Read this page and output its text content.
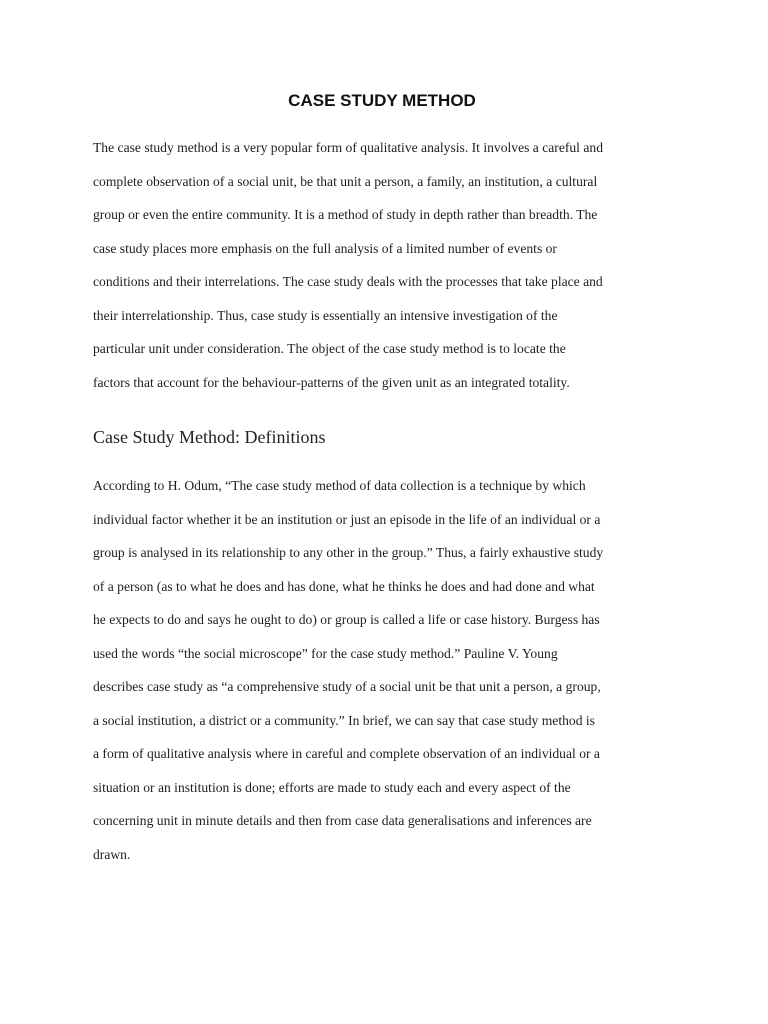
CASE STUDY METHOD

The case study method is a very popular form of qualitative analysis. It involves a careful and
complete observation of a social unit, be that unit a person, a family, an institution, a cultural
group or even the entire community. It is a method of study in depth rather than breadth. The
case study places more emphasis on the full analysis of a limited number of events or
conditions and their interrelations. The case study deals with the processes that take place and
their interrelationship. Thus, case study is essentially an intensive investigation of the
particular unit under consideration. The object of the case study method is to locate the
factors that account for the behaviour-patterns of the given unit as an integrated totality.

Case Study Method: Definitions

According to H. Odum, “The case study method of data collection is a technique by which
individual factor whether it be an institution or just an episode in the life of an individual or a
group is analysed in its relationship to any other in the group.” Thus, a fairly exhaustive study
of a person (as to what he does and has done, what he thinks he does and had done and what
he expects to do and says he ought to do) or group is called a life or case history. Burgess has
used the words “the social microscope” for the case study method.” Pauline V. Young
describes case study as “a comprehensive study of a social unit be that unit a person, a group,
a social institution, a district or a community.” In brief, we can say that case study method is
a form of qualitative analysis where in careful and complete observation of an individual or a
situation or an institution is done; efforts are made to study each and every aspect of the
concerning unit in minute details and then from case data generalisations and inferences are
drawn.
